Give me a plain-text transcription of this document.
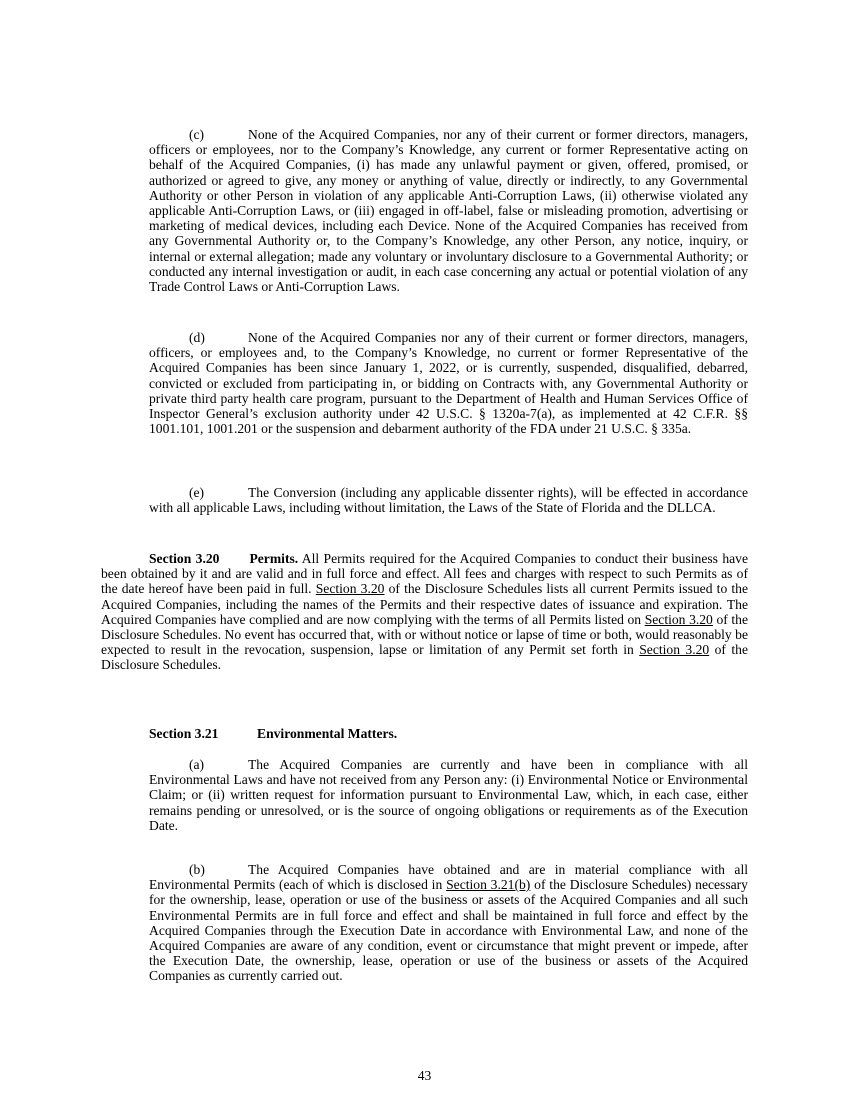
(c)	None of the Acquired Companies, nor any of their current or former directors, managers, officers or employees, nor to the Company’s Knowledge, any current or former Representative acting on behalf of the Acquired Companies, (i) has made any unlawful payment or given, offered, promised, or authorized or agreed to give, any money or anything of value, directly or indirectly, to any Governmental Authority or other Person in violation of any applicable Anti-Corruption Laws, (ii) otherwise violated any applicable Anti-Corruption Laws, or (iii) engaged in off-label, false or misleading promotion, advertising or marketing of medical devices, including each Device. None of the Acquired Companies has received from any Governmental Authority or, to the Company’s Knowledge, any other Person, any notice, inquiry, or internal or external allegation; made any voluntary or involuntary disclosure to a Governmental Authority; or conducted any internal investigation or audit, in each case concerning any actual or potential violation of any Trade Control Laws or Anti-Corruption Laws.

(d)	None of the Acquired Companies nor any of their current or former directors, managers, officers, or employees and, to the Company’s Knowledge, no current or former Representative of the Acquired Companies has been since January 1, 2022, or is currently, suspended, disqualified, debarred, convicted or excluded from participating in, or bidding on Contracts with, any Governmental Authority or private third party health care program, pursuant to the Department of Health and Human Services Office of Inspector General’s exclusion authority under 42 U.S.C. § 1320a-7(a), as implemented at 42 C.F.R. §§ 1001.101, 1001.201 or the suspension and debarment authority of the FDA under 21 U.S.C. § 335a.

(e)	The Conversion (including any applicable dissenter rights), will be effected in accordance with all applicable Laws, including without limitation, the Laws of the State of Florida and the DLLCA.

Section 3.20 Permits. All Permits required for the Acquired Companies to conduct their business have been obtained by it and are valid and in full force and effect. All fees and charges with respect to such Permits as of the date hereof have been paid in full. Section 3.20 of the Disclosure Schedules lists all current Permits issued to the Acquired Companies, including the names of the Permits and their respective dates of issuance and expiration. The Acquired Companies have complied and are now complying with the terms of all Permits listed on Section 3.20 of the Disclosure Schedules. No event has occurred that, with or without notice or lapse of time or both, would reasonably be expected to result in the revocation, suspension, lapse or limitation of any Permit set forth in Section 3.20 of the Disclosure Schedules.

Section 3.21	Environmental Matters.

(a)	The Acquired Companies are currently and have been in compliance with all Environmental Laws and have not received from any Person any: (i) Environmental Notice or Environmental Claim; or (ii) written request for information pursuant to Environmental Law, which, in each case, either remains pending or unresolved, or is the source of ongoing obligations or requirements as of the Execution Date.

(b)	The Acquired Companies have obtained and are in material compliance with all Environmental Permits (each of which is disclosed in Section 3.21(b) of the Disclosure Schedules) necessary for the ownership, lease, operation or use of the business or assets of the Acquired Companies and all such Environmental Permits are in full force and effect and shall be maintained in full force and effect by the Acquired Companies through the Execution Date in accordance with Environmental Law, and none of the Acquired Companies are aware of any condition, event or circumstance that might prevent or impede, after the Execution Date, the ownership, lease, operation or use of the business or assets of the Acquired Companies as currently carried out.

43
